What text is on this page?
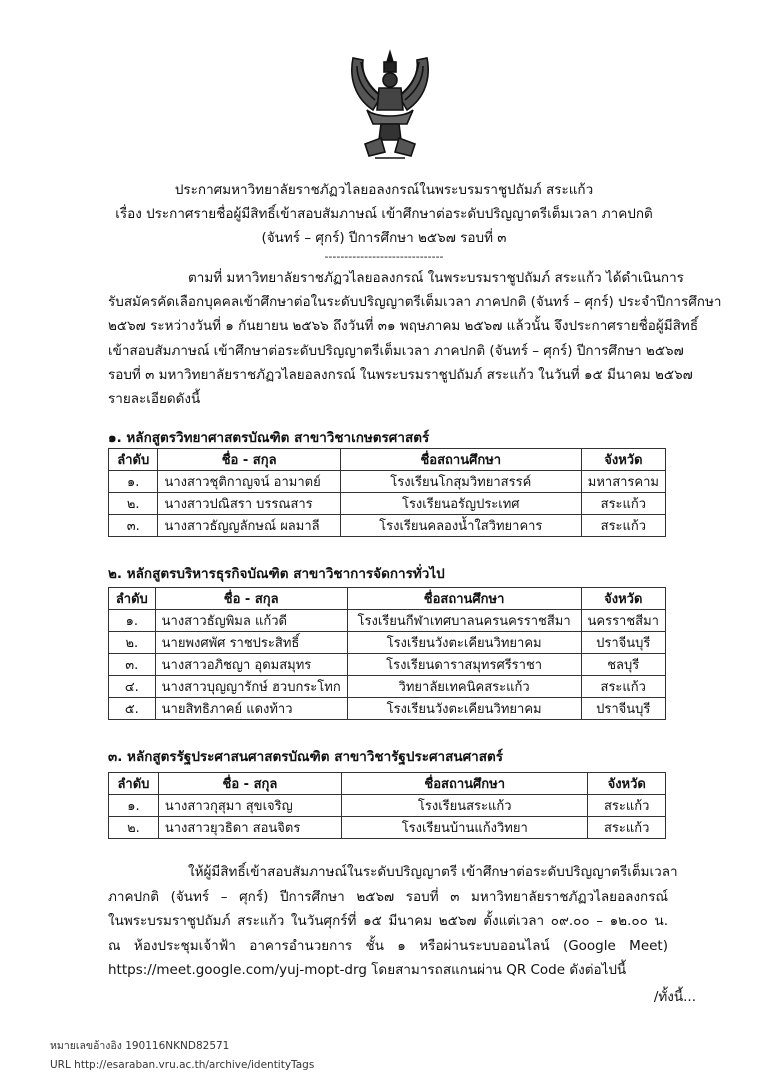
ประกาศมหาวิทยาลัยราชภัฏวไลยอลงกรณ์ในพระบรมราชูปถัมภ์ สระแก้ว
เรื่อง ประกาศรายชื่อผู้มีสิทธิ์เข้าสอบสัมภาษณ์ เข้าศึกษาต่อระดับปริญญาตรีเต็มเวลา ภาคปกติ
(จันทร์ – ศุกร์) ปีการศึกษา ๒๕๖๗ รอบที่ ๓
------------------------------
ตามที่ มหาวิทยาลัยราชภัฏวไลยอลงกรณ์ ในพระบรมราชูปถัมภ์ สระแก้ว ได้ดำเนินการ
รับสมัครคัดเลือกบุคคลเข้าศึกษาต่อในระดับปริญญาตรีเต็มเวลา ภาคปกติ (จันทร์ – ศุกร์) ประจำปีการศึกษา
๒๕๖๗ ระหว่างวันที่ ๑ กันยายน ๒๕๖๖ ถึงวันที่ ๓๑ พฤษภาคม ๒๕๖๗ แล้วนั้น จึงประกาศรายชื่อผู้มีสิทธิ์
เข้าสอบสัมภาษณ์ เข้าศึกษาต่อระดับปริญญาตรีเต็มเวลา ภาคปกติ (จันทร์ – ศุกร์) ปีการศึกษา ๒๕๖๗
รอบที่ ๓ มหาวิทยาลัยราชภัฏวไลยอลงกรณ์ ในพระบรมราชูปถัมภ์ สระแก้ว ในวันที่ ๑๕ มีนาคม ๒๕๖๗
รายละเอียดดังนี้
๑. หลักสูตรวิทยาศาสตรบัณฑิต สาขาวิชาเกษตรศาสตร์
ลำดับ	ชื่อ - สกุล	ชื่อสถานศึกษา	จังหวัด
๑.	นางสาวชุติกาญจน์ อามาตย์	โรงเรียนโกสุมวิทยาสรรค์	มหาสารคาม
๒.	นางสาวปณิสรา บรรณสาร	โรงเรียนอรัญประเทศ	สระแก้ว
๓.	นางสาวธัญญลักษณ์ ผลมาลี	โรงเรียนคลองน้ำใสวิทยาคาร	สระแก้ว
๒. หลักสูตรบริหารธุรกิจบัณฑิต สาขาวิชาการจัดการทั่วไป
ลำดับ	ชื่อ - สกุล	ชื่อสถานศึกษา	จังหวัด
๑.	นางสาวธัญพิมล แก้วดี	โรงเรียนกีฬาเทศบาลนครนครราชสีมา	นครราชสีมา
๒.	นายพงศพัศ ราชประสิทธิ์	โรงเรียนวังตะเคียนวิทยาคม	ปราจีนบุรี
๓.	นางสาวอภิชญา อุดมสมุทร	โรงเรียนดาราสมุทรศรีราชา	ชลบุรี
๔.	นางสาวบุญญารักษ์ ฮวบกระโทก	วิทยาลัยเทคนิคสระแก้ว	สระแก้ว
๕.	นายสิทธิภาคย์ แดงท้าว	โรงเรียนวังตะเคียนวิทยาคม	ปราจีนบุรี
๓. หลักสูตรรัฐประศาสนศาสตรบัณฑิต สาขาวิชารัฐประศาสนศาสตร์
ลำดับ	ชื่อ - สกุล	ชื่อสถานศึกษา	จังหวัด
๑.	นางสาวกุสุมา สุขเจริญ	โรงเรียนสระแก้ว	สระแก้ว
๒.	นางสาวยุวธิดา สอนจิตร	โรงเรียนบ้านแก้งวิทยา	สระแก้ว
ให้ผู้มีสิทธิ์เข้าสอบสัมภาษณ์ในระดับปริญญาตรี เข้าศึกษาต่อระดับปริญญาตรีเต็มเวลา
ภาคปกติ (จันทร์ – ศุกร์) ปีการศึกษา ๒๕๖๗ รอบที่ ๓ มหาวิทยาลัยราชภัฏวไลยอลงกรณ์
ในพระบรมราชูปถัมภ์ สระแก้ว ในวันศุกร์ที่ ๑๕ มีนาคม ๒๕๖๗ ตั้งแต่เวลา ๐๙.๐๐ – ๑๒.๐๐ น.
ณ ห้องประชุมเจ้าฟ้า อาคารอำนวยการ ชั้น ๑ หรือผ่านระบบออนไลน์ (Google Meet)
https://meet.google.com/yuj-mopt-drg โดยสามารถสแกนผ่าน QR Code ดังต่อไปนี้
/ทั้งนี้...
หมายเลขอ้างอิง 190116NKND82571
URL http://esaraban.vru.ac.th/archive/identityTags
